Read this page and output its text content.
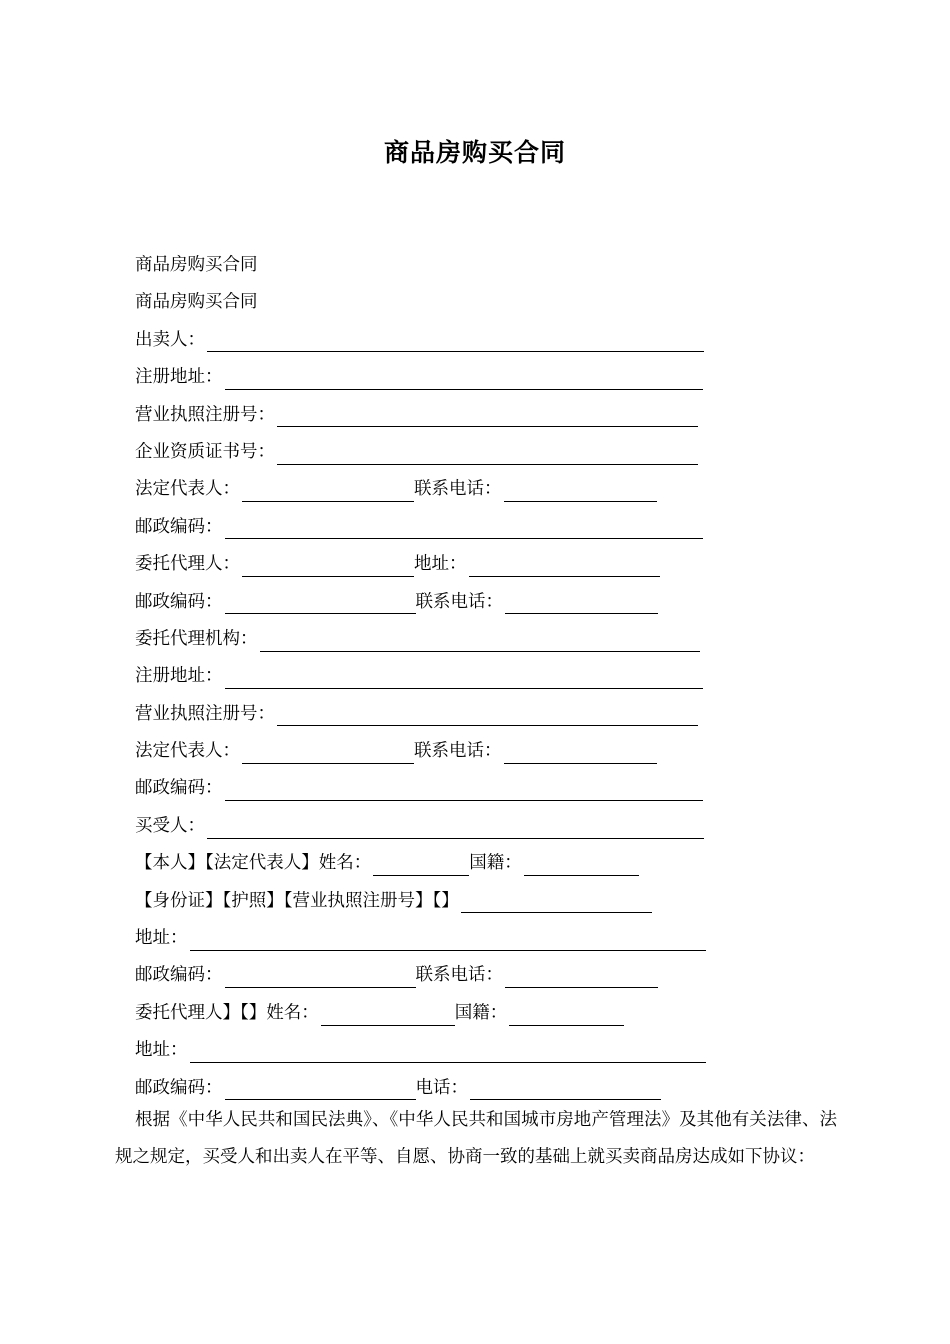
商品房购买合同
商品房购买合同
商品房购买合同
出卖人：
注册地址：
营业执照注册号：
企业资质证书号：
法定代表人：	联系电话：
邮政编码：
委托代理人：	地址：
邮政编码：	联系电话：
委托代理机构：
注册地址：
营业执照注册号：
法定代表人：	联系电话：
邮政编码：
买受人：
【本人】【法定代表人】姓名：	国籍：
【身份证】【护照】【营业执照注册号】【】
地址：
邮政编码：	联系电话：
委托代理人】【】姓名：	国籍：
地址：
邮政编码：	电话：
根据《中华人民共和国民法典》、《中华人民共和国城市房地产管理法》及其他有关法律、法规之规定，买受人和出卖人在平等、自愿、协商一致的基础上就买卖商品房达成如下协议：
